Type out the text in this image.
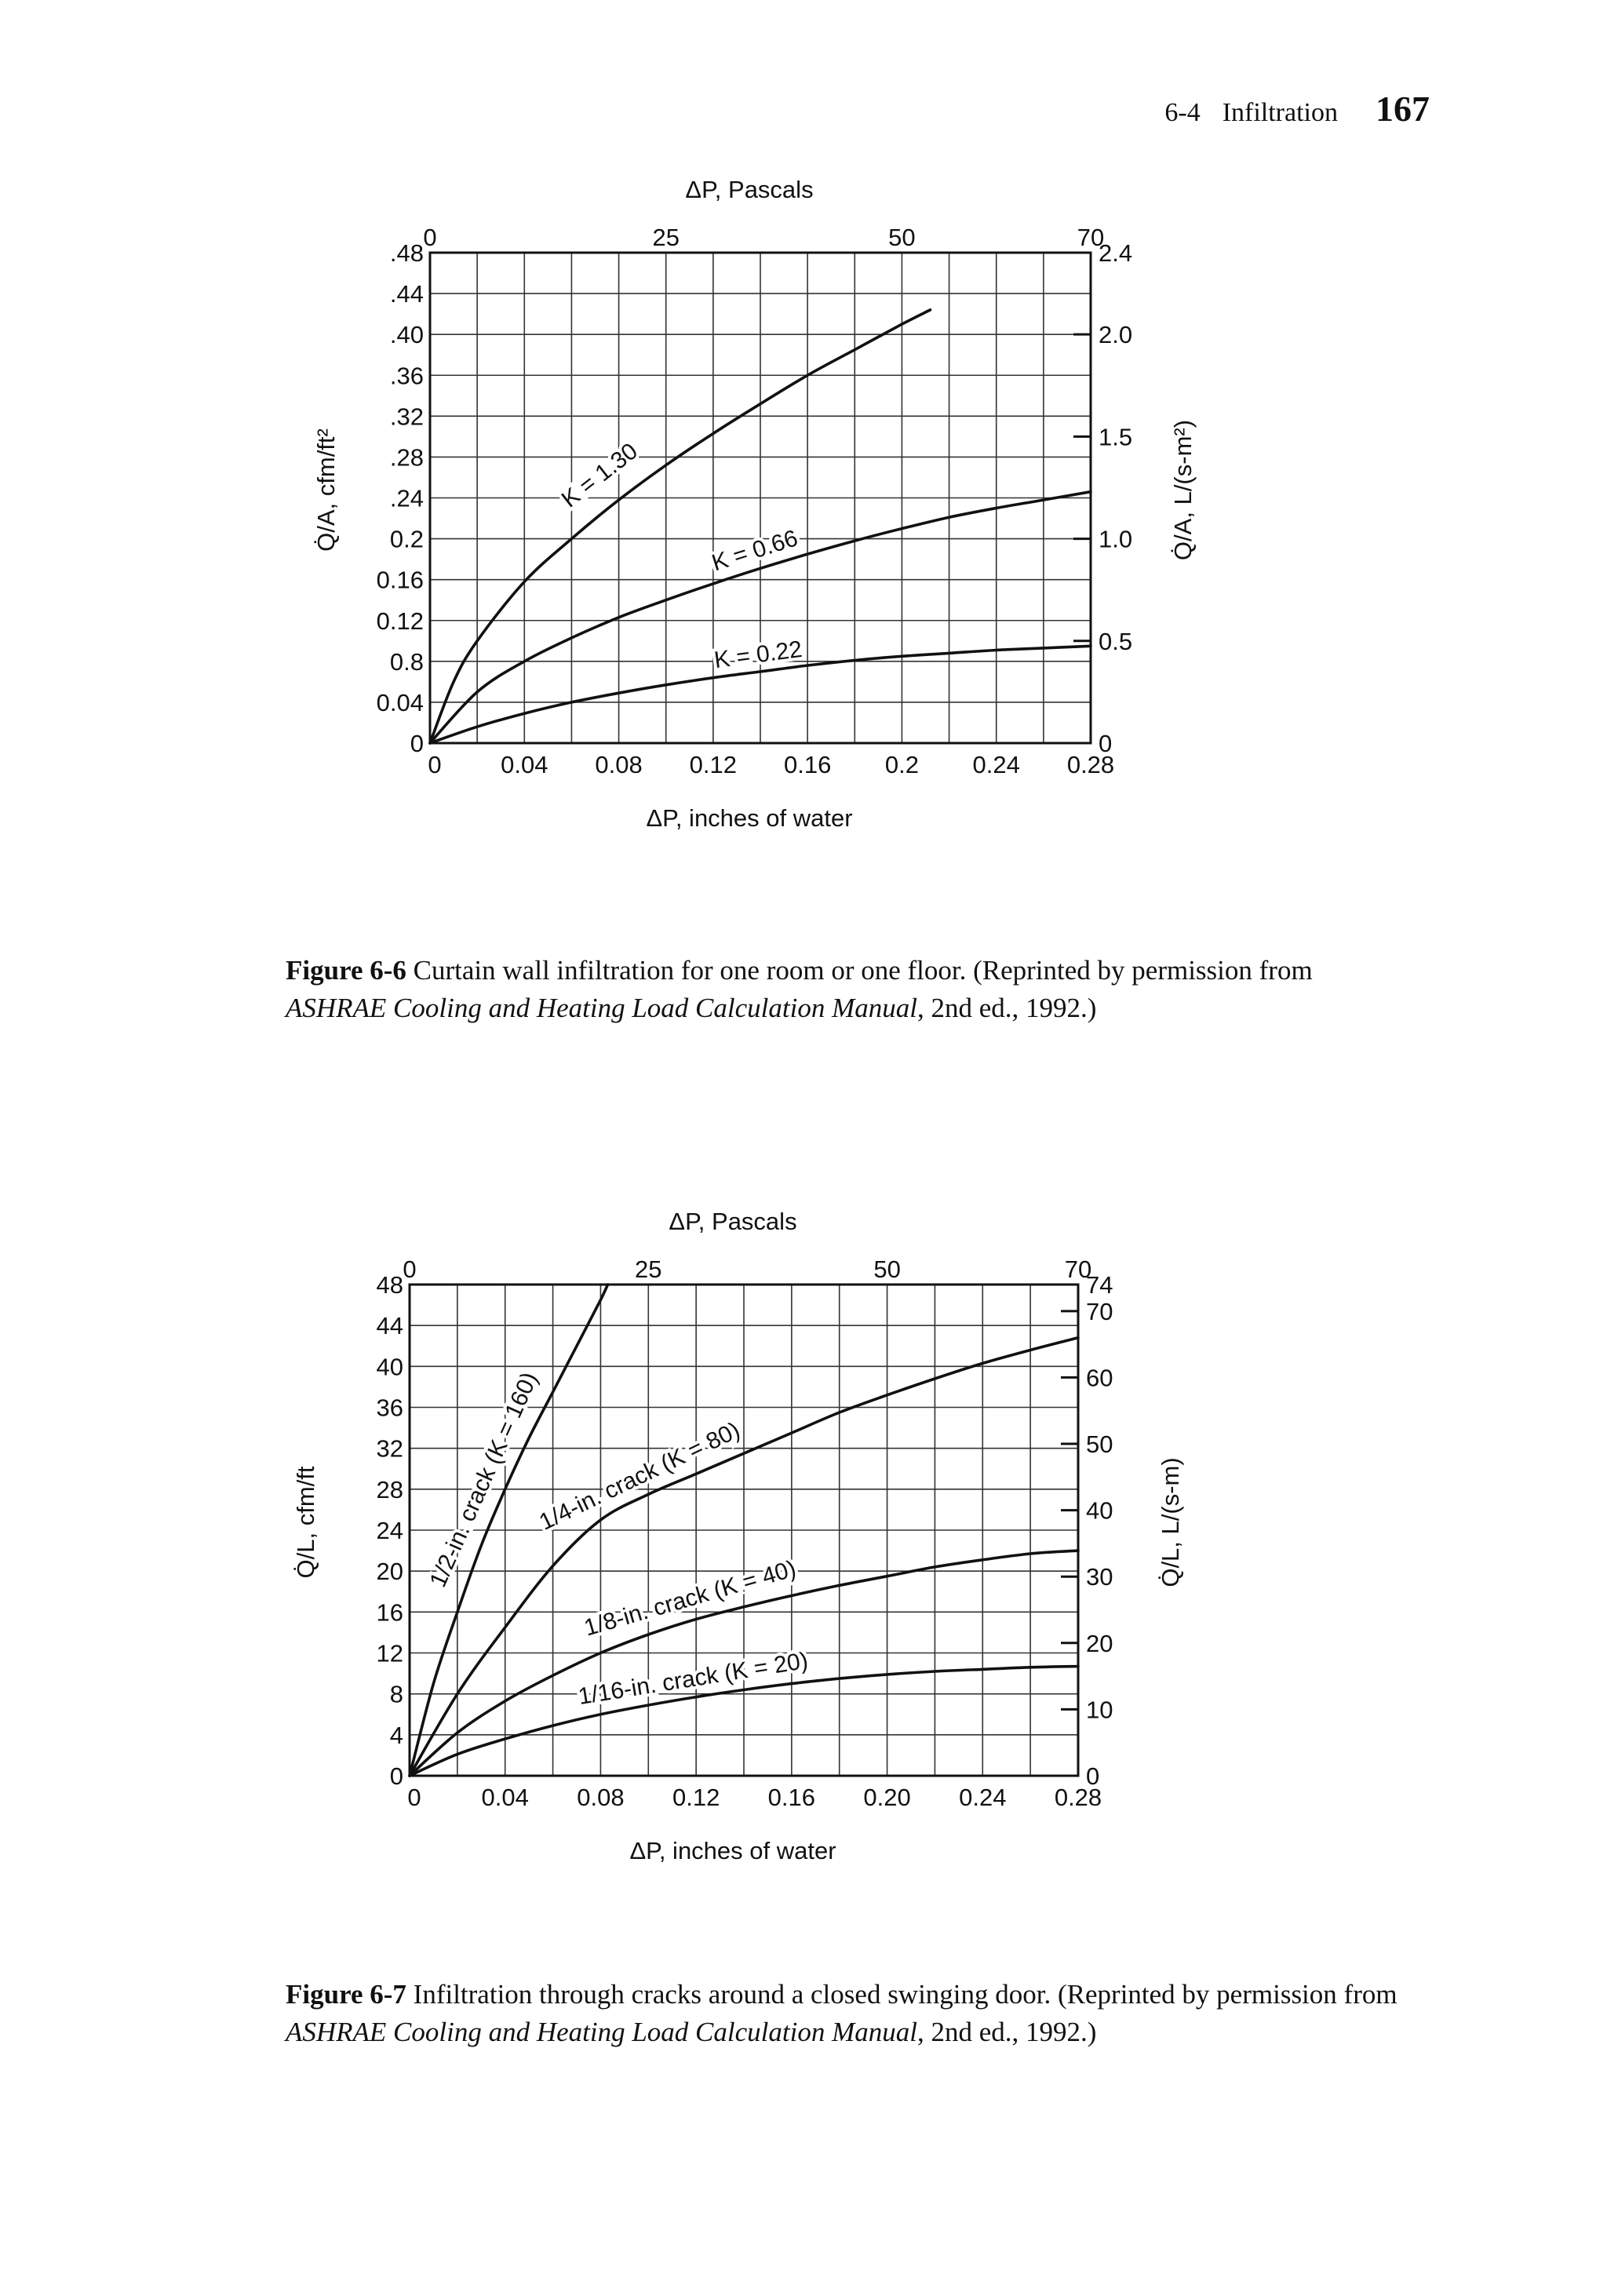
6-4 Infiltration 167
0 0.04 0.08 0.12 0.16 0.2 0.24 0.28
0
0.04
0.8
0.12
0.16
0.2
.24
.28
.32
.36
.40
.44
.48
0	25	50	70
0
0.5
1.0
1.5
2.0
2.4
ΔP, inches of water
ΔP, Pascals
Q̇/A, cfm/ft²	Q̇/A, L/(s-m²)
K = 1.30
K = 0.66
K = 0.22
Figure 6-6 Curtain wall infiltration for one room or one floor. (Reprinted by permission from ASHRAE Cooling and Heating Load Calculation Manual, 2nd ed., 1992.)
0 0.04 0.08 0.12 0.16 0.20 0.24 0.28
0
4
8
12
16
20
24
28
32
36
40
44
48
0	25	50	70
0
10
20
30
40
50
60
70
74
ΔP, inches of water
ΔP, Pascals
Q̇/L, cfm/ft	Q̇/L, L/(s-m)
1/2-in. crack (K = 160)
1/4-in. crack (K = 80)
1/8-in. crack (K = 40)
1/16-in. crack (K = 20)
Figure 6-7 Infiltration through cracks around a closed swinging door. (Reprinted by permission from ASHRAE Cooling and Heating Load Calculation Manual, 2nd ed., 1992.)
